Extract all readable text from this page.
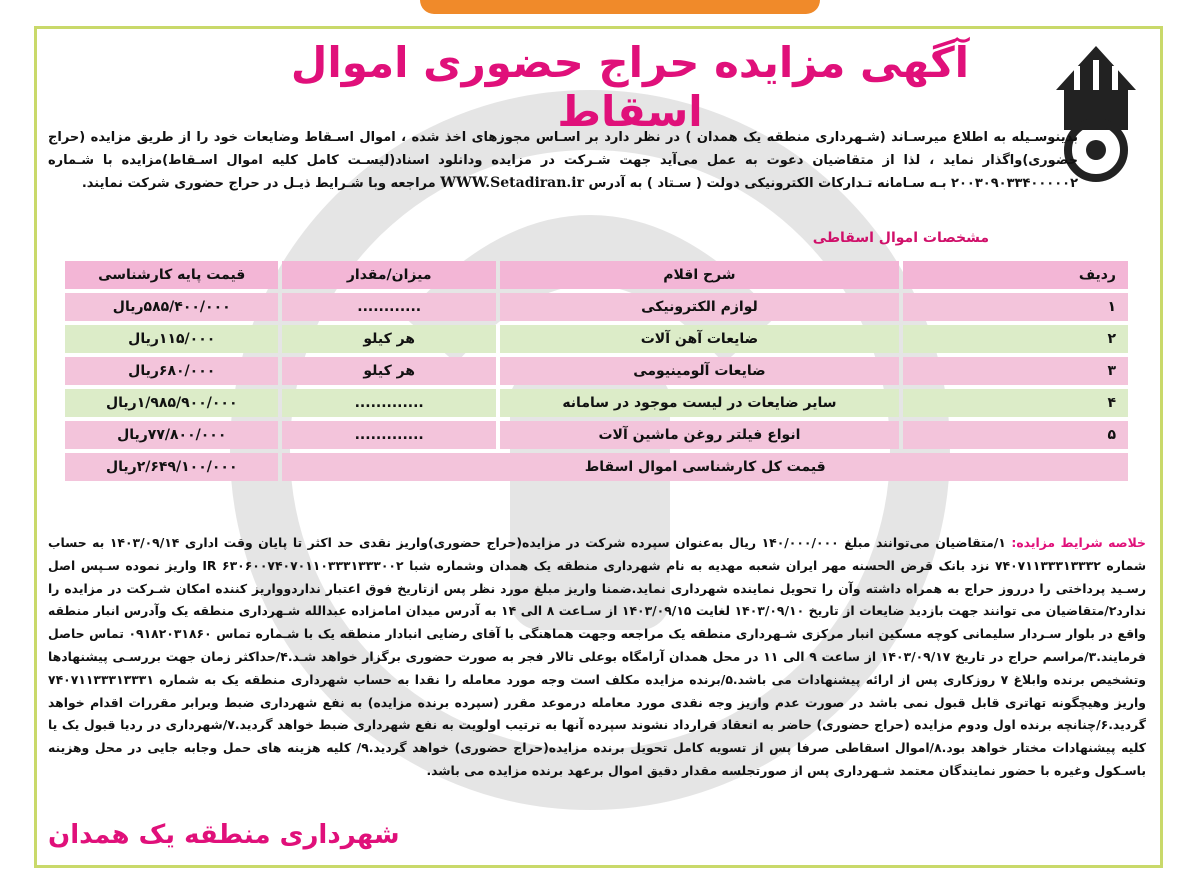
آگهی مزایده حراج حضوری اموال اسقاط
بدینوسـیله به اطلاع میرسـاند (شـهرداری منطقه یک همدان ) در نظر دارد بر اسـاس مجوزهای اخذ شده ، اموال اسـقاط وضایعات خود را از طریق مزایده (حراج حضوری)واگذار نماید ، لذا از متقاضیان دعوت به عمل می‌آید جهت شـرکت در مزایده ودانلود اسناد(لیسـت کامل کلیه اموال اسـقاط)مزایده با شـماره ۲۰۰۳۰۹۰۳۳۴۰۰۰۰۰۲ بـه سـامانه تـدارکات الکترونیکی دولت ( سـتاد ) به آدرس WWW.Setadiran.ir مراجعه وبا شـرایط ذیـل در حراج حضوری شرکت نمایند.
مشخصات اموال اسقاطی
ردیف	شرح اقلام	میزان/مقدار	قیمت پایه کارشناسی
۱	لوازم الکترونیکی	............	۵۸۵/۴۰۰/۰۰۰ریال
۲	ضایعات آهن آلات	هر کیلو	۱۱۵/۰۰۰ریال
۳	ضایعات آلومینیومی	هر کیلو	۶۸۰/۰۰۰ریال
۴	سایر ضایعات در لیست موجود در سامانه	.............	۱/۹۸۵/۹۰۰/۰۰۰ریال
۵	انواع فیلتر روغن ماشین آلات	.............	۷۷/۸۰۰/۰۰۰ریال
قیمت کل کارشناسی اموال اسقاط			۲/۶۴۹/۱۰۰/۰۰۰ریال
خلاصه شرایط مزایده: ۱/متقاضیان می‌توانند مبلغ ۱۴۰/۰۰۰/۰۰۰ ریال به‌عنوان سپرده شرکت در مزایده(حراج حضوری)واریز نقدی حد اکثر تا پایان وقت اداری ۱۴۰۳/۰۹/۱۴ به حساب شماره ۷۴۰۷۱۱۳۳۳۱۳۳۳۲ نزد بانک قرض الحسنه مهر ایران شعبه مهدیه به نام شهرداری منطقه یک همدان وشماره شبا IR ۶۳۰۶۰۰۷۴۰۷۰۱۱۰۳۳۳۱۳۳۳۰۰۲ واریز نموده سـپس اصل رسـید پرداختی را درروز حراج به همراه داشته وآن را تحویل نماینده شهرداری نماید.ضمنا واریز مبلغ مورد نظر پس ازتاریخ فوق اعتبار نداردوواریز کننده امکان شـرکت در مزایده را ندارد۲/متقاضیان می توانند جهت بازدید ضایعات از تاریخ ۱۴۰۳/۰۹/۱۰ لغایت ۱۴۰۳/۰۹/۱۵ از سـاعت ۸ الی ۱۴ به آدرس میدان امامزاده عبدالله شـهرداری منطقه یک وآدرس انبار منطقه واقع در بلوار سـردار سلیمانی کوچه مسکین انبار مرکزی شـهرداری منطقه یک مراجعه وجهت هماهنگی با آقای رضایی انبادار منطقه یک با شـماره تماس ۰۹۱۸۲۰۳۱۸۶۰ تماس حاصل فرمایند.۳/مراسم حراج در تاریخ ۱۴۰۳/۰۹/۱۷ از ساعت ۹ الی ۱۱ در محل همدان آرامگاه بوعلی تالار فجر به صورت حضوری برگزار خواهد شـد.۴/حداکثر زمان جهت بررسـی پیشنهادها وتشخیص برنده وابلاغ ۷ روزکاری پس از ارائه پیشنهادات می باشد.۵/برنده مزایده مکلف است وجه مورد معامله را نقدا به حساب شهرداری منطقه یک به شماره ۷۴۰۷۱۱۳۳۳۱۳۳۳۱ واریز وهیچگونه تهاتری قابل قبول نمی باشد در صورت عدم واریز وجه نقدی مورد معامله درموعد مقرر (سپرده برنده مزایده) به نفع شهرداری ضبط وبرابر مقررات اقدام خواهد گردید.۶/چنانچه برنده اول ودوم مزایده (حراج حضوری) حاضر به انعقاد قرارداد نشوند سپرده آنها به ترتیب اولویت به نفع شهرداری ضبط خواهد گردید.۷/شهرداری در ردیا قبول یک یا کلیه پیشنهادات مختار خواهد بود.۸/اموال اسقاطی صرفا پس از تسویه کامل تحویل برنده مزایده(حراج حضوری) خواهد گردید.۹/ کلیه هزینه های حمل وجابه جایی در محل وهزینه باسـکول وغیره با حضور نمایندگان معتمد شـهرداری پس از صورتجلسه مقدار دقیق اموال برعهد برنده مزایده می باشد.
شهرداری منطقه یک همدان
